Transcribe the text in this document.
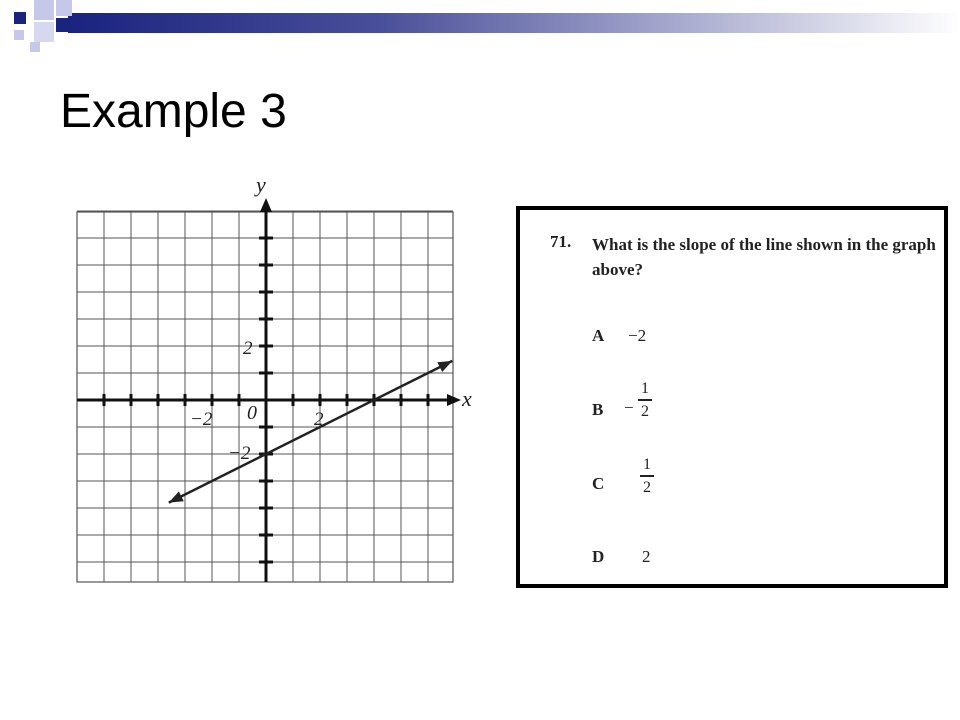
Example 3
y
x
0
−2	2
2
−2
71. What is the slope of the line shown in the graph above?
A −2
B −
1
2
C
1
2
D 2
